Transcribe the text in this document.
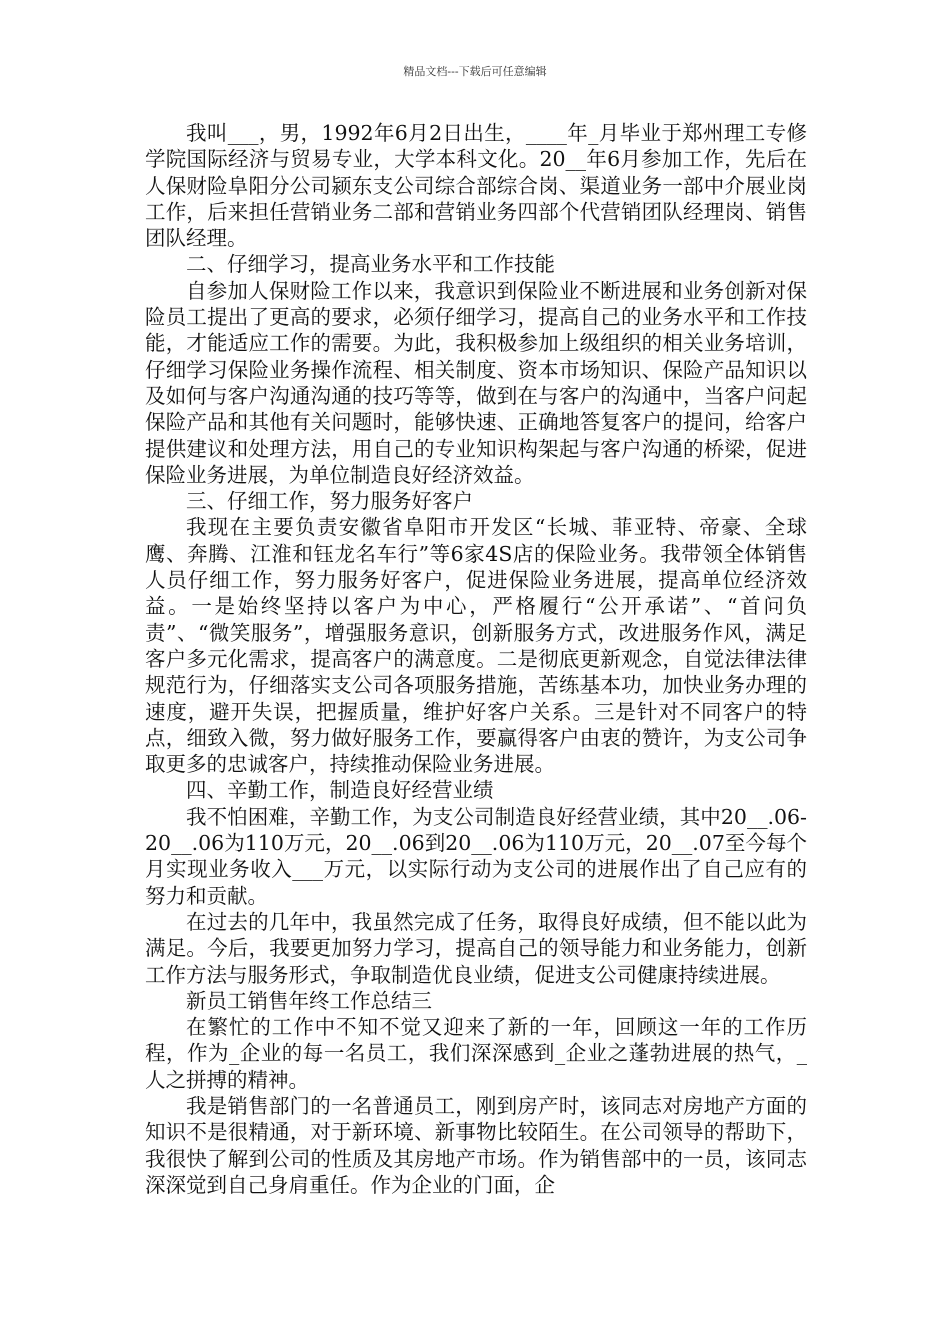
精品文档---下载后可任意编辑

我叫___，男，1992年6月2日出生，____年_月毕业于郑州理工专修学院国际经济与贸易专业，大学本科文化。20__年6月参加工作，先后在人保财险阜阳分公司颍东支公司综合部综合岗、渠道业务一部中介展业岗工作，后来担任营销业务二部和营销业务四部个代营销团队经理岗、销售团队经理。

二、仔细学习，提高业务水平和工作技能

自参加人保财险工作以来，我意识到保险业不断进展和业务创新对保险员工提出了更高的要求，必须仔细学习，提高自己的业务水平和工作技能，才能适应工作的需要。为此，我积极参加上级组织的相关业务培训，仔细学习保险业务操作流程、相关制度、资本市场知识、保险产品知识以及如何与客户沟通沟通的技巧等等，做到在与客户的沟通中，当客户问起保险产品和其他有关问题时，能够快速、正确地答复客户的提问，给客户提供建议和处理方法，用自己的专业知识构架起与客户沟通的桥梁，促进保险业务进展，为单位制造良好经济效益。

三、仔细工作，努力服务好客户

我现在主要负责安徽省阜阳市开发区“长城、菲亚特、帝豪、全球鹰、奔腾、江淮和钰龙名车行”等6家4S店的保险业务。我带领全体销售人员仔细工作，努力服务好客户，促进保险业务进展，提高单位经济效益。一是始终坚持以客户为中心，严格履行“公开承诺”、“首问负责”、“微笑服务”，增强服务意识，创新服务方式，改进服务作风，满足客户多元化需求，提高客户的满意度。二是彻底更新观念，自觉法律法律规范行为，仔细落实支公司各项服务措施，苦练基本功，加快业务办理的速度，避开失误，把握质量，维护好客户关系。三是针对不同客户的特点，细致入微，努力做好服务工作，要赢得客户由衷的赞许，为支公司争取更多的忠诚客户，持续推动保险业务进展。

四、辛勤工作，制造良好经营业绩

我不怕困难，辛勤工作，为支公司制造良好经营业绩，其中20__.06-20__.06为110万元，20__.06到20__.06为110万元，20__.07至今每个月实现业务收入___万元，以实际行动为支公司的进展作出了自己应有的努力和贡献。

在过去的几年中，我虽然完成了任务，取得良好成绩，但不能以此为满足。今后，我要更加努力学习，提高自己的领导能力和业务能力，创新工作方法与服务形式，争取制造优良业绩，促进支公司健康持续进展。

新员工销售年终工作总结三

在繁忙的工作中不知不觉又迎来了新的一年，回顾这一年的工作历程，作为_企业的每一名员工，我们深深感到_企业之蓬勃进展的热气，_人之拼搏的精神。

我是销售部门的一名普通员工，刚到房产时，该同志对房地产方面的知识不是很精通，对于新环境、新事物比较陌生。在公司领导的帮助下，我很快了解到公司的性质及其房地产市场。作为销售部中的一员，该同志深深觉到自己身肩重任。作为企业的门面，企
